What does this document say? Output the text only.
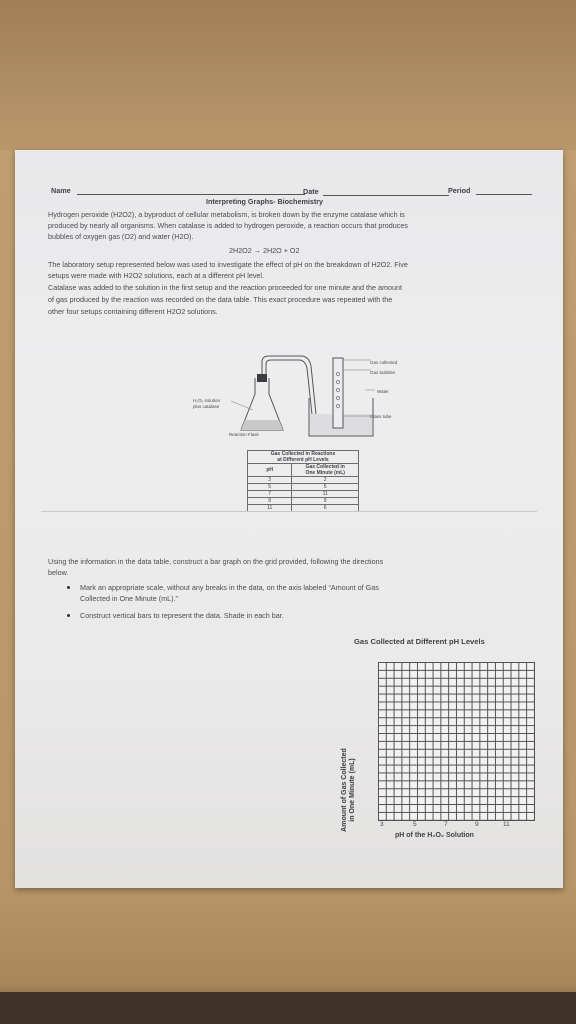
Name	Date	Period
Interpreting Graphs- Biochemistry
Hydrogen peroxide (H2O2), a byproduct of cellular metabolism, is broken down by the enzyme catalase which is
produced by nearly all organisms. When catalase is added to hydrogen peroxide, a reaction occurs that produces
bubbles of oxygen gas (O2) and water (H2O).
2H2O2 → 2H2O + O2
The laboratory setup represented below was used to investigate the effect of pH on the breakdown of H2O2. Five
setups were made with H2O2 solutions, each at a different pH level.
Catalase was added to the solution in the first setup and the reaction proceeded for one minute and the amount
of gas produced by the reaction was recorded on the data table. This exact procedure was repeated with the
other four setups containing different H2O2 solutions.
Gas collected
Gas bubbles
Water
H₂O₂ solution
plus catalase
Glass tube
Reaction Flask
Gas Collected in Reactions
at Different pH Levels	

pH	Gas Collected in
One Minute (mL)

3	2
5	5
7	11
9	9
11	6
Using the information in the data table, construct a bar graph on the grid provided, following the directions
below.
Mark an appropriate scale, without any breaks in the data, on the axis labeled “Amount of Gas
Collected in One Minute (mL).”
Construct vertical bars to represent the data. Shade in each bar.
Gas Collected at Different pH Levels
Amount of Gas Collected in One Minute (mL)
3	5	7	9	11
pH of the H₂O₂ Solution
